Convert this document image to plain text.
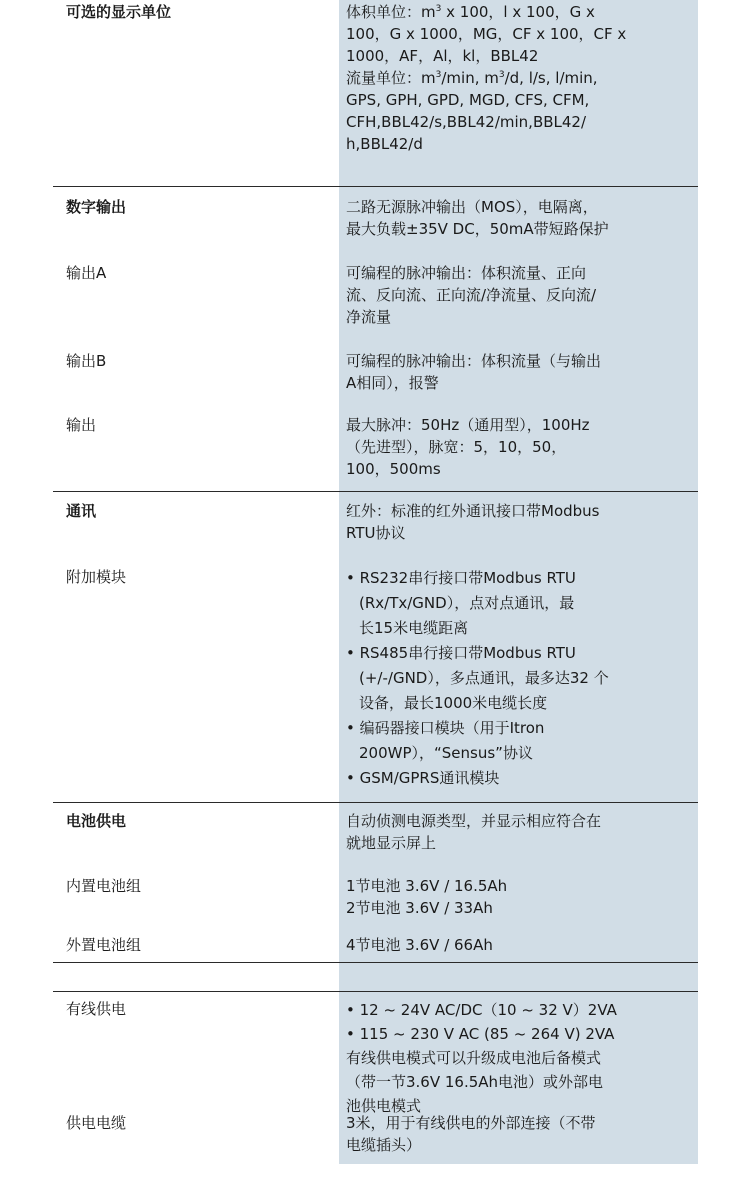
可选的显示单位	体积单位：$m^3$ x 100，l x 100，G x
100，G x 1000，MG，CF x 100，CF x
1000，AF，Al，kl，BBL42
流量单位：$m^3/\min$, $m^3/d$, l/s, l/min,
GPS, GPH, GPD, MGD, CFS, CFM,
CFH,BBL42/s,BBL42/min,BBL42/
h,BBL42/d
数字输出	二路无源脉冲输出（MOS），电隔离，
最大负载±35V DC，50mA带短路保护
输出A	可编程的脉冲输出：体积流量、正向
流、反向流、正向流/净流量、反向流/
净流量
输出B	可编程的脉冲输出：体积流量（与输出
A相同），报警
输出	最大脉冲：50Hz（通用型），100Hz
（先进型），脉宽：5，10，50，
100，500ms
通讯	红外：标准的红外通讯接口带Modbus
RTU协议
附加模块	• RS232串行接口带Modbus RTU
(Rx/Tx/GND），点对点通讯，最
长15米电缆距离
• RS485串行接口带Modbus RTU
(+/-/GND），多点通讯，最多达32 个
设备，最长1000米电缆长度
• 编码器接口模块（用于Itron
200WP），“Sensus”协议
• GSM/GPRS通讯模块
电池供电	自动侦测电源类型，并显示相应符合在
就地显示屏上
内置电池组	1节电池 3.6V / 16.5Ah
2节电池 3.6V / 33Ah
外置电池组	4节电池 3.6V / 66Ah
有线供电	• 12 ~ 24V AC/DC（10 ~ 32 V）2VA
• 115 ~ 230 V AC (85 ~ 264 V) 2VA
有线供电模式可以升级成电池后备模式
（带一节3.6V 16.5Ah电池）或外部电
池供电模式
供电电缆	3米，用于有线供电的外部连接（不带
电缆插头）
